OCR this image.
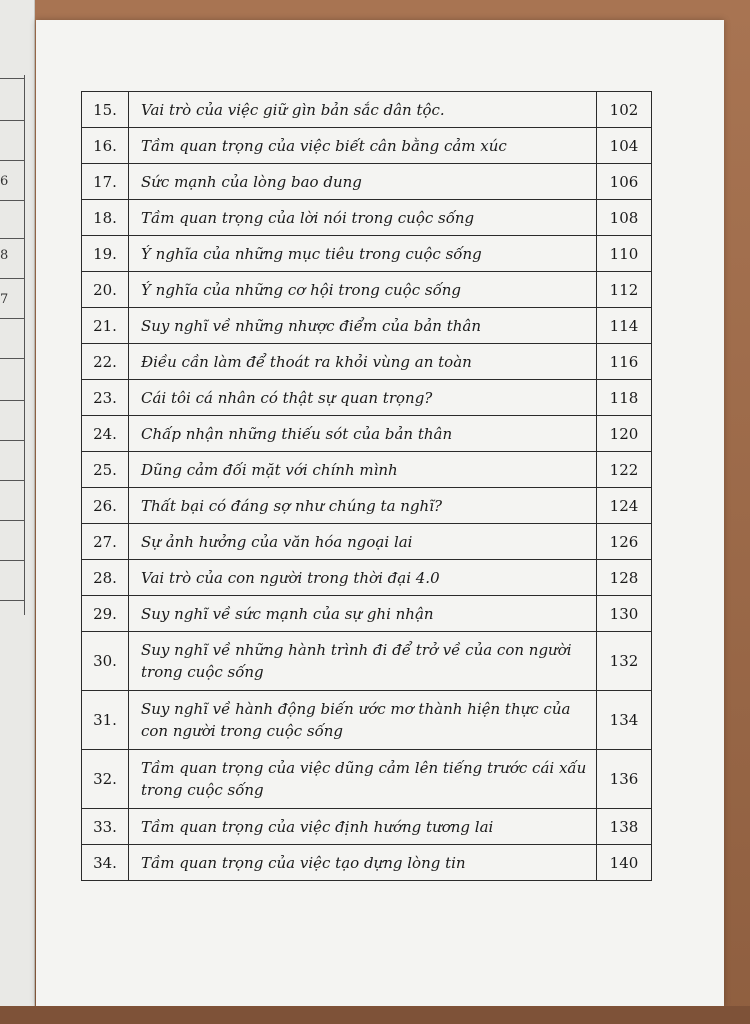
6
8
7
15.	Vai trò của việc giữ gìn bản sắc dân tộc.	102
16.	Tầm quan trọng của việc biết cân bằng cảm xúc	104
17.	Sức mạnh của lòng bao dung	106
18.	Tầm quan trọng của lời nói trong cuộc sống	108
19.	Ý nghĩa của những mục tiêu trong cuộc sống	110
20.	Ý nghĩa của những cơ hội trong cuộc sống	112
21.	Suy nghĩ về những nhược điểm của bản thân	114
22.	Điều cần làm để thoát ra khỏi vùng an toàn	116
23.	Cái tôi cá nhân có thật sự quan trọng?	118
24.	Chấp nhận những thiếu sót của bản thân	120
25.	Dũng cảm đối mặt với chính mình	122
26.	Thất bại có đáng sợ như chúng ta nghĩ?	124
27.	Sự ảnh hưởng của văn hóa ngoại lai	126
28.	Vai trò của con người trong thời đại 4.0	128
29.	Suy nghĩ về sức mạnh của sự ghi nhận	130
30.	Suy nghĩ về những hành trình đi để trở về của con người trong cuộc sống	132
31.	Suy nghĩ về hành động biến ước mơ thành hiện thực của con người trong cuộc sống	134
32.	Tầm quan trọng của việc dũng cảm lên tiếng trước cái xấu trong cuộc sống	136
33.	Tầm quan trọng của việc định hướng tương lai	138
34.	Tầm quan trọng của việc tạo dựng lòng tin	140
